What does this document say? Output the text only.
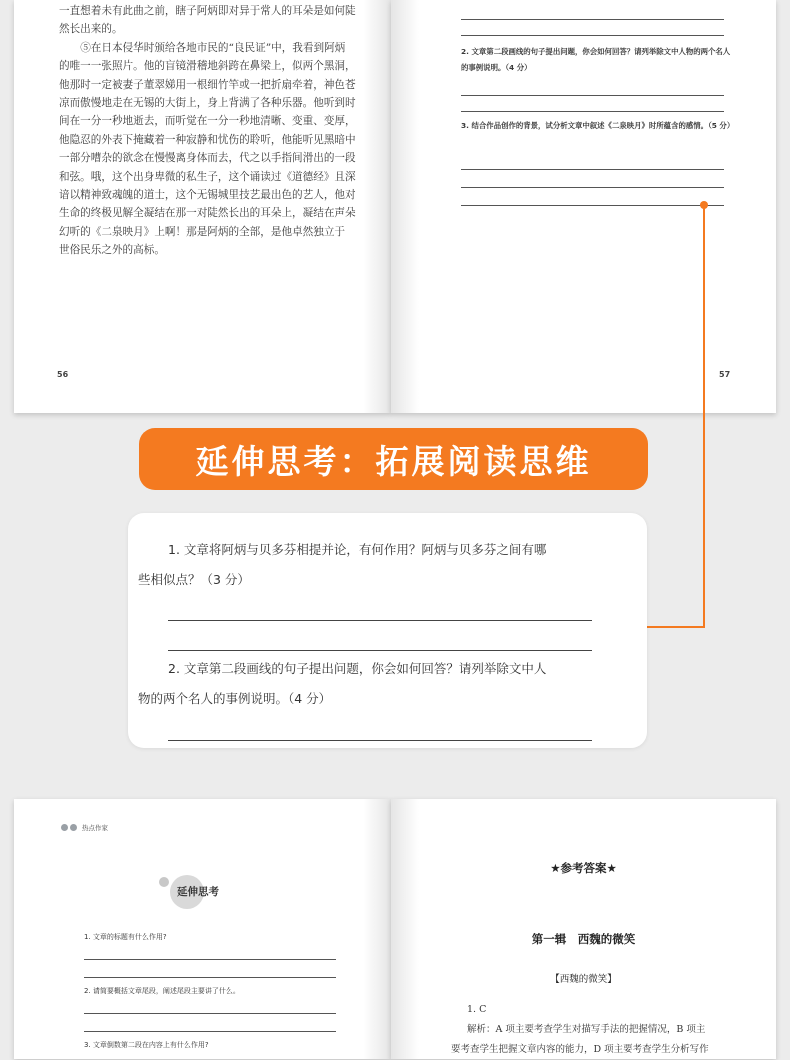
一直想着未有此曲之前，瞎子阿炳即对异于常人的耳朵是如何陡

然长出来的。

⑤在日本侵华时颁给各地市民的“良民证”中，我看到阿炳

的唯一一张照片。他的盲镜滑稽地斜跨在鼻梁上，似两个黑洞，

他那时一定被妻子董翠娣用一根细竹竿或一把折扇牵着，神色苍

凉而傲慢地走在无锡的大街上，身上背满了各种乐器。他听到时

间在一分一秒地逝去，而听觉在一分一秒地清晰、变重、变厚，

他隐忍的外表下掩藏着一种寂静和忧伤的聆听，他能听见黑暗中

一部分嘈杂的欲念在慢慢离身体而去，代之以手指间滑出的一段

和弦。哦，这个出身卑微的私生子，这个诵读过《道德经》且深

谙以精神致魂魄的道士，这个无锡城里技艺最出色的艺人，他对

生命的终极见解全凝结在那一对陡然长出的耳朵上，凝结在声朵

幻听的《二泉映月》上啊！那是阿炳的全部，是他卓然独立于

世俗民乐之外的高标。

56
2. 文章第二段画线的句子提出问题，你会如何回答？请列举除文中人物的两个名人的事例说明。（4 分）
3. 结合作品创作的背景，试分析文章中叙述《二泉映月》时所蕴含的感情。（5 分）
57
延伸思考：拓展阅读思维
1. 文章将阿炳与贝多芬相提并论，有何作用？阿炳与贝多芬之间有哪
些相似点？（3 分）
2. 文章第二段画线的句子提出问题，你会如何回答？请列举除文中人
物的两个名人的事例说明。（4 分）
热点作家
延伸思考
1. 文章的标题有什么作用?
2. 请简要概括文章尾段，阐述尾段主要讲了什么。
3. 文章倒数第二段在内容上有什么作用?
★参考答案★
第一辑　西魏的微笑
【西魏的微笑】
1. C
解析：A 项主要考查学生对描写手法的把握情况，B 项主
要考查学生把握文章内容的能力，D 项主要考查学生分析写作
